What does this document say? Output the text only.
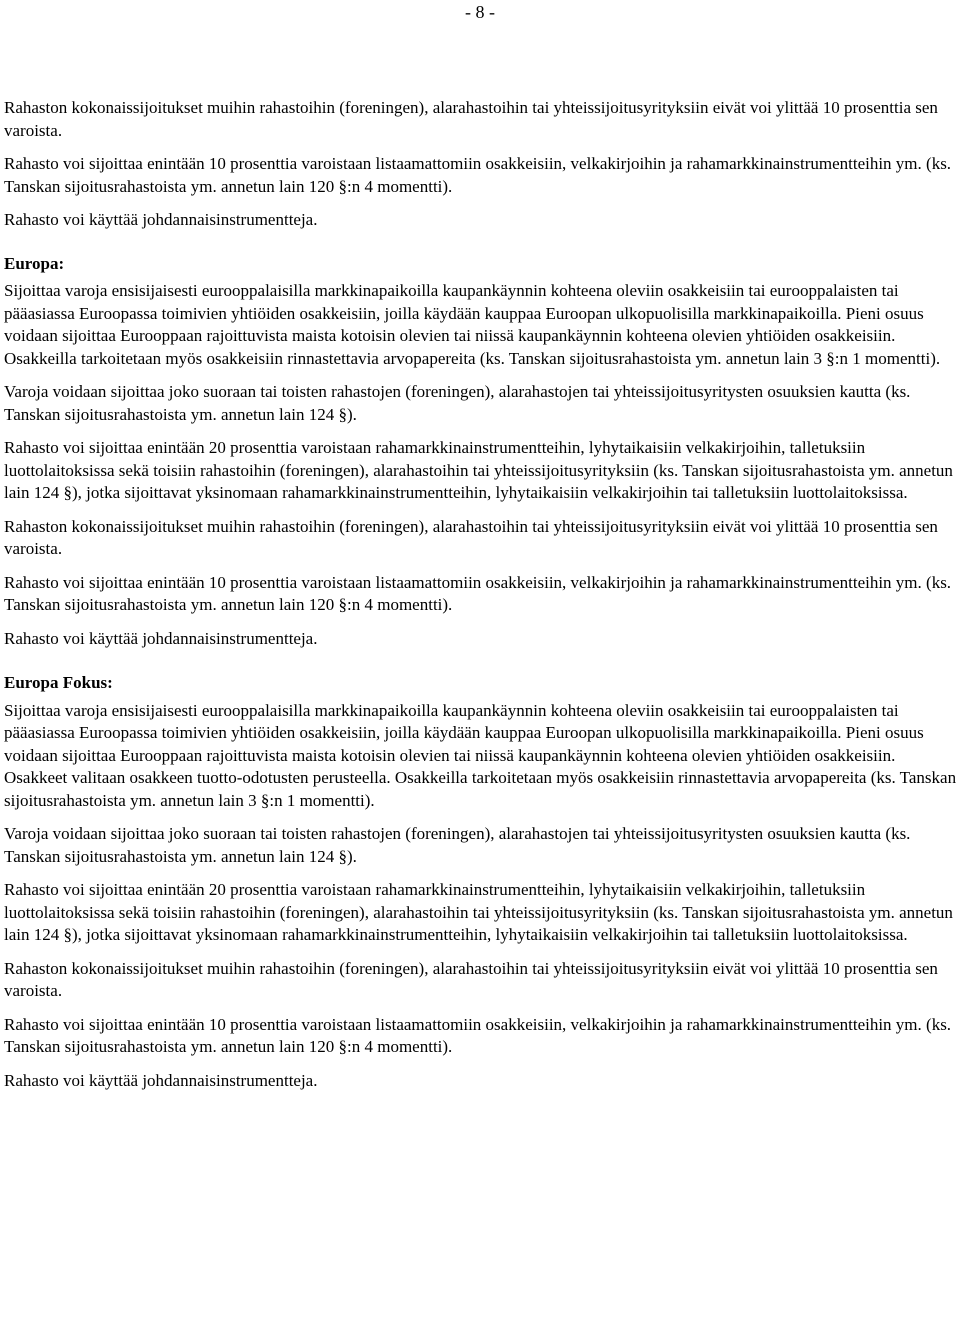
- 8 -

Rahaston kokonaissijoitukset muihin rahastoihin (foreningen), alarahastoihin tai yhteissijoitusyrityksiin eivät voi ylittää 10 prosenttia sen varoista.

Rahasto voi sijoittaa enintään 10 prosenttia varoistaan listaamattomiin osakkeisiin, velkakirjoihin ja rahamarkkinainstrumentteihin ym. (ks. Tanskan sijoitusrahastoista ym. annetun lain 120 §:n 4 momentti).

Rahasto voi käyttää johdannaisinstrumentteja.

Europa:

Sijoittaa varoja ensisijaisesti eurooppalaisilla markkinapaikoilla kaupankäynnin kohteena oleviin osakkeisiin tai eurooppalaisten tai pääasiassa Euroopassa toimivien yhtiöiden osakkeisiin, joilla käydään kauppaa Euroopan ulkopuolisilla markkinapaikoilla. Pieni osuus voidaan sijoittaa Eurooppaan rajoittuvista maista kotoisin olevien tai niissä kaupankäynnin kohteena olevien yhtiöiden osakkeisiin. Osakkeilla tarkoitetaan myös osakkeisiin rinnastettavia arvopapereita (ks. Tanskan sijoitusrahastoista ym. annetun lain 3 §:n 1 momentti).

Varoja voidaan sijoittaa joko suoraan tai toisten rahastojen (foreningen), alarahastojen tai yhteissijoitusyritysten osuuksien kautta (ks. Tanskan sijoitusrahastoista ym. annetun lain 124 §).

Rahasto voi sijoittaa enintään 20 prosenttia varoistaan rahamarkkinainstrumentteihin, lyhytaikaisiin velkakirjoihin, talletuksiin luottolaitoksissa sekä toisiin rahastoihin (foreningen), alarahastoihin tai yhteissijoitusyrityksiin (ks. Tanskan sijoitusrahastoista ym. annetun lain 124 §), jotka sijoittavat yksinomaan rahamarkkinainstrumentteihin, lyhytaikaisiin velkakirjoihin tai talletuksiin luottolaitoksissa.

Rahaston kokonaissijoitukset muihin rahastoihin (foreningen), alarahastoihin tai yhteissijoitusyrityksiin eivät voi ylittää 10 prosenttia sen varoista.

Rahasto voi sijoittaa enintään 10 prosenttia varoistaan listaamattomiin osakkeisiin, velkakirjoihin ja rahamarkkinainstrumentteihin ym. (ks. Tanskan sijoitusrahastoista ym. annetun lain 120 §:n 4 momentti).

Rahasto voi käyttää johdannaisinstrumentteja.

Europa Fokus:

Sijoittaa varoja ensisijaisesti eurooppalaisilla markkinapaikoilla kaupankäynnin kohteena oleviin osakkeisiin tai eurooppalaisten tai pääasiassa Euroopassa toimivien yhtiöiden osakkeisiin, joilla käydään kauppaa Euroopan ulkopuolisilla markkinapaikoilla. Pieni osuus voidaan sijoittaa Eurooppaan rajoittuvista maista kotoisin olevien tai niissä kaupankäynnin kohteena olevien yhtiöiden osakkeisiin. Osakkeet valitaan osakkeen tuotto-odotusten perusteella. Osakkeilla tarkoitetaan myös osakkeisiin rinnastettavia arvopapereita (ks. Tanskan sijoitusrahastoista ym. annetun lain 3 §:n 1 momentti).

Varoja voidaan sijoittaa joko suoraan tai toisten rahastojen (foreningen), alarahastojen tai yhteissijoitusyritysten osuuksien kautta (ks. Tanskan sijoitusrahastoista ym. annetun lain 124 §).

Rahasto voi sijoittaa enintään 20 prosenttia varoistaan rahamarkkinainstrumentteihin, lyhytaikaisiin velkakirjoihin, talletuksiin luottolaitoksissa sekä toisiin rahastoihin (foreningen), alarahastoihin tai yhteissijoitusyrityksiin (ks. Tanskan sijoitusrahastoista ym. annetun lain 124 §), jotka sijoittavat yksinomaan rahamarkkinainstrumentteihin, lyhytaikaisiin velkakirjoihin tai talletuksiin luottolaitoksissa.

Rahaston kokonaissijoitukset muihin rahastoihin (foreningen), alarahastoihin tai yhteissijoitusyrityksiin eivät voi ylittää 10 prosenttia sen varoista.

Rahasto voi sijoittaa enintään 10 prosenttia varoistaan listaamattomiin osakkeisiin, velkakirjoihin ja rahamarkkinainstrumentteihin ym. (ks. Tanskan sijoitusrahastoista ym. annetun lain 120 §:n 4 momentti).

Rahasto voi käyttää johdannaisinstrumentteja.
